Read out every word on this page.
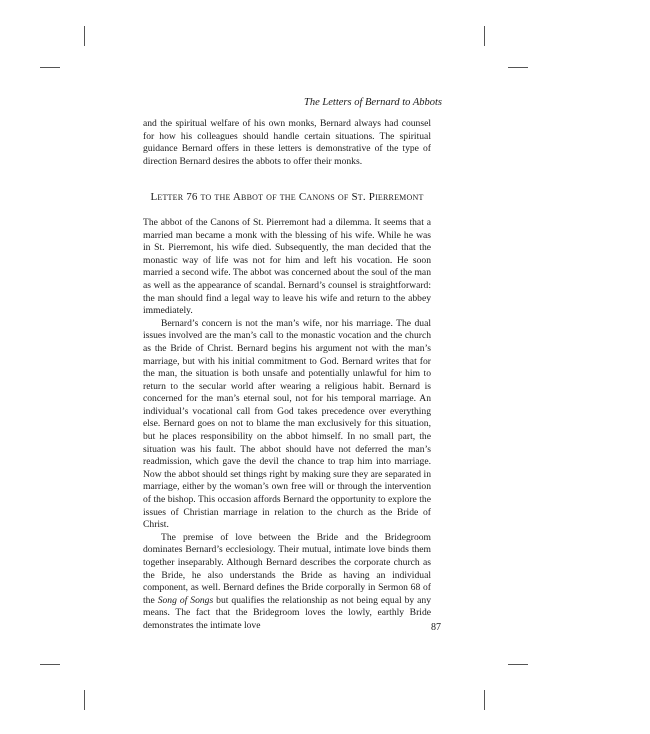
The Letters of Bernard to Abbots

and the spiritual welfare of his own monks, Bernard always had counsel for how his colleagues should handle certain situations. The spiritual guidance Bernard offers in these letters is demonstrative of the type of direction Bernard desires the abbots to offer their monks.

Letter 76 to the Abbot of the Canons of St. Pierremont

The abbot of the Canons of St. Pierremont had a dilemma. It seems that a married man became a monk with the blessing of his wife. While he was in St. Pierremont, his wife died. Subsequently, the man decided that the monastic way of life was not for him and left his vocation. He soon married a second wife. The abbot was concerned about the soul of the man as well as the appearance of scandal. Bernard’s counsel is straightforward: the man should find a legal way to leave his wife and return to the abbey immediately.

Bernard’s concern is not the man’s wife, nor his marriage. The dual issues involved are the man’s call to the monastic vocation and the church as the Bride of Christ. Bernard begins his argument not with the man’s marriage, but with his initial commitment to God. Bernard writes that for the man, the situation is both unsafe and potentially unlawful for him to return to the secular world after wearing a religious habit. Bernard is concerned for the man’s eternal soul, not for his temporal marriage. An individual’s vocational call from God takes precedence over everything else. Bernard goes on not to blame the man exclusively for this situation, but he places responsibility on the abbot himself. In no small part, the situation was his fault. The abbot should have not deferred the man’s readmission, which gave the devil the chance to trap him into marriage. Now the abbot should set things right by making sure they are separated in marriage, either by the woman’s own free will or through the intervention of the bishop. This occasion affords Bernard the opportunity to explore the issues of Christian marriage in relation to the church as the Bride of Christ.

The premise of love between the Bride and the Bridegroom dominates Bernard’s ecclesiology. Their mutual, intimate love binds them together inseparably. Although Bernard describes the corporate church as the Bride, he also understands the Bride as having an individual component, as well. Bernard defines the Bride corporally in Sermon 68 of the Song of Songs but qualifies the relationship as not being equal by any means. The fact that the Bridegroom loves the lowly, earthly Bride demonstrates the intimate love	87
